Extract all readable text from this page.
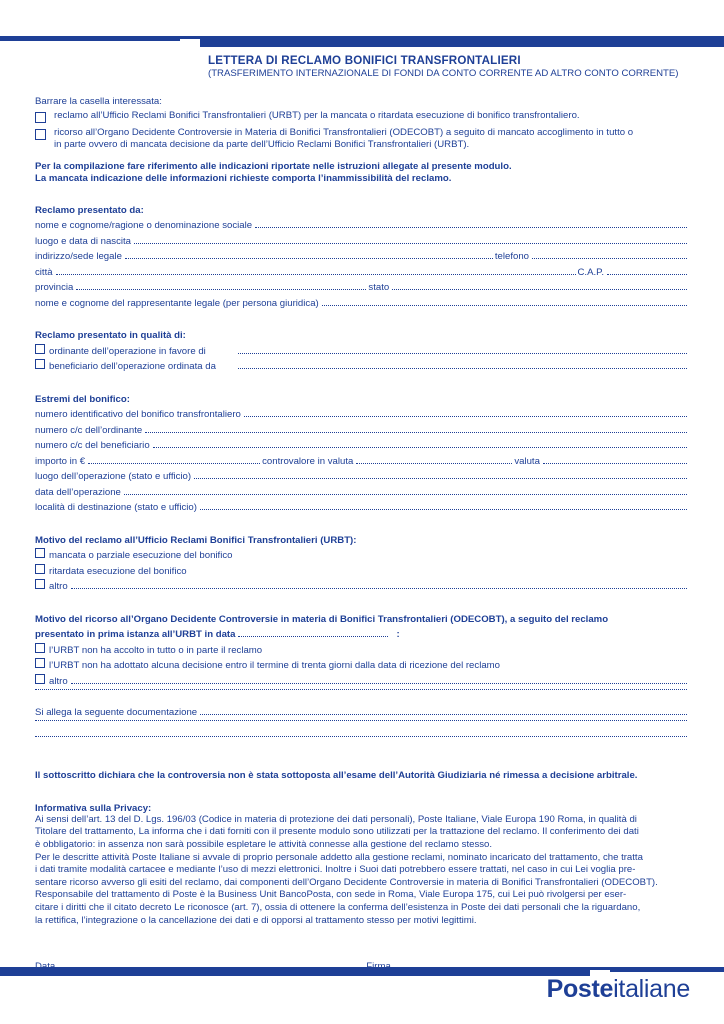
LETTERA DI RECLAMO BONIFICI TRANSFRONTALIERI
(TRASFERIMENTO INTERNAZIONALE DI FONDI DA CONTO CORRENTE AD ALTRO CONTO CORRENTE)
Barrare la casella interessata:
reclamo all’Ufficio Reclami Bonifici Transfrontalieri (URBT) per la mancata o ritardata esecuzione di bonifico transfrontaliero.
ricorso all’Organo Decidente Controversie in Materia di Bonifici Transfrontalieri (ODECOBT) a seguito di mancato accoglimento in tutto o
in parte ovvero di mancata decisione da parte dell’Ufficio Reclami Bonifici Transfrontalieri (URBT).
Per la compilazione fare riferimento alle indicazioni riportate nelle istruzioni allegate al presente modulo.
La mancata indicazione delle informazioni richieste comporta l’inammissibilità del reclamo.
Reclamo presentato da:
nome e cognome/ragione o denominazione sociale
luogo e data di nascita
indirizzo/sede legale	telefono
città	C.A.P.
provincia	stato
nome e cognome del rappresentante legale (per persona giuridica)
Reclamo presentato in qualità di:
ordinante dell’operazione in favore di
beneficiario dell’operazione ordinata da
Estremi del bonifico:
numero identificativo del bonifico transfrontaliero
numero c/c dell’ordinante
numero c/c del beneficiario
importo in €	controvalore in valuta	valuta
luogo dell’operazione (stato e ufficio)
data dell’operazione
località di destinazione (stato e ufficio)
Motivo del reclamo all’Ufficio Reclami Bonifici Transfrontalieri (URBT):
mancata o parziale esecuzione del bonifico
ritardata esecuzione del bonifico
altro
Motivo del ricorso all’Organo Decidente Controversie in materia di Bonifici Transfrontalieri (ODECOBT), a seguito del reclamo
presentato in prima istanza all’URBT in data	:
l’URBT non ha accolto in tutto o in parte il reclamo
l’URBT non ha adottato alcuna decisione entro il termine di trenta giorni dalla data di ricezione del reclamo
altro
Si allega la seguente documentazione
Il sottoscritto dichiara che la controversia non è stata sottoposta all’esame dell’Autorità Giudiziaria né rimessa a decisione arbitrale.
Informativa sulla Privacy:
Ai sensi dell’art. 13 del D. Lgs. 196/03 (Codice in materia di protezione dei dati personali), Poste Italiane, Viale Europa 190 Roma, in qualità di
Titolare del trattamento, La informa che i dati forniti con il presente modulo sono utilizzati per la trattazione del reclamo. Il conferimento dei dati
è obbligatorio: in assenza non sarà possibile espletare le attività connesse alla gestione del reclamo stesso.
Per le descritte attività Poste Italiane si avvale di proprio personale addetto alla gestione reclami, nominato incaricato del trattamento, che tratta
i dati tramite modalità cartacee e mediante l’uso di mezzi elettronici. Inoltre i Suoi dati potrebbero essere trattati, nel caso in cui Lei voglia pre-
sentare ricorso avverso gli esiti del reclamo, dai componenti dell’Organo Decidente Controversie in materia di Bonifici Transfrontalieri (ODECOBT).
Responsabile del trattamento di Poste è la Business Unit BancoPosta, con sede in Roma, Viale Europa 175, cui Lei può rivolgersi per eser-
citare i diritti che il citato decreto Le riconosce (art. 7), ossia di ottenere la conferma dell’esistenza in Poste dei dati personali che la riguardano,
la rettifica, l’integrazione o la cancellazione dei dati e di opporsi al trattamento stesso per motivi legittimi.
Posteitaliane
